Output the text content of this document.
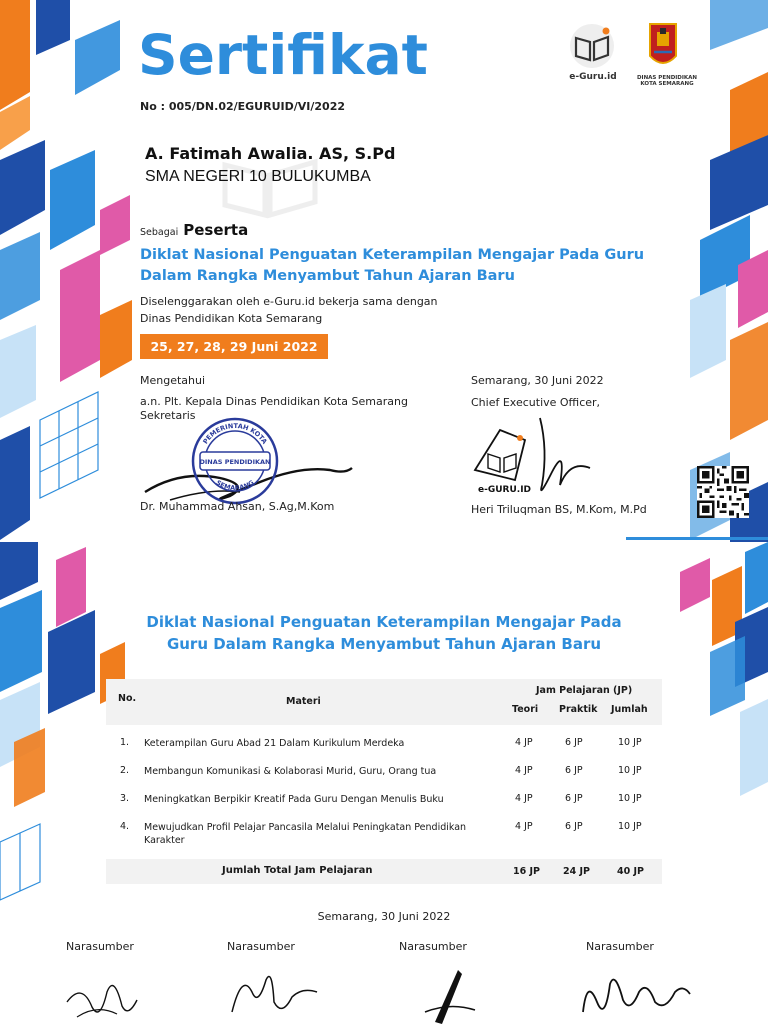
Sertifikat
No : 005/DN.02/EGURUID/VI/2022
e-Guru.id	DINAS PENDIDIKAN KOTA SEMARANG
A. Fatimah Awalia. AS, S.Pd
SMA NEGERI 10 BULUKUMBA
Sebagai Peserta
Diklat Nasional Penguatan Keterampilan Mengajar Pada Guru Dalam Rangka Menyambut Tahun Ajaran Baru
Diselenggarakan oleh e-Guru.id bekerja sama dengan
Dinas Pendidikan Kota Semarang
25, 27, 28, 29 Juni 2022
Mengetahui
a.n. Plt. Kepala Dinas Pendidikan Kota Semarang
Sekretaris
PEMERINTAH KOTA
DINAS PENDIDIKAN
SEMARANG
Dr. Muhammad Ahsan, S.Ag,M.Kom
Semarang, 30 Juni 2022
Chief Executive Officer,
e-GURU.ID
Heri Triluqman BS, M.Kom, M.Pd
Diklat Nasional Penguatan Keterampilan Mengajar Pada
Guru Dalam Rangka Menyambut Tahun Ajaran Baru
No.	Materi
Jam Pelajaran (JP)
Teori Praktik Jumlah
1. Keterampilan Guru Abad 21 Dalam Kurikulum Merdeka	4 JP	6 JP	10 JP
2. Membangun Komunikasi & Kolaborasi Murid, Guru, Orang tua	4 JP	6 JP	10 JP
3. Meningkatkan Berpikir Kreatif Pada Guru Dengan Menulis Buku	4 JP	6 JP	10 JP
4. Mewujudkan Profil Pelajar Pancasila Melalui Peningkatan Pendidikan Karakter
4 JP	6 JP	10 JP
Jumlah Total Jam Pelajaran	16 JP 24 JP	40 JP
Semarang, 30 Juni 2022
Narasumber	Narasumber	Narasumber	Narasumber
